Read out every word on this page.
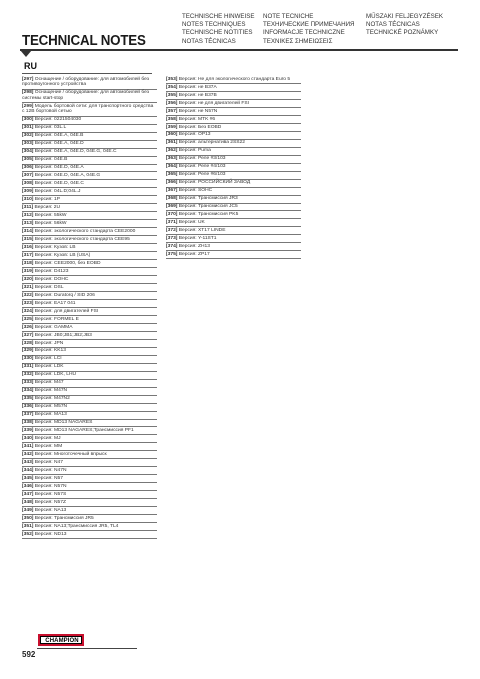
TECHNICAL NOTES
TECHNISCHE HINWEISE
NOTES TECHNIQUES
TECHNISCHE NOTITIES
NOTAS TÉCNICAS
NOTE TECNICHE
ТЕХНИЧЕСКИЕ ПРИМЕЧАНИЯ
INFORMACJE TECHNICZNE
ΤΕΧΝΙΚΕΣ ΣΗΜΕΙΩΣΕΙΣ
MŰSZAKI FELJEGYZÉSEK
NOTAS TÉCNICAS
TECHNICKÉ POZNÁMKY
RU
[297] Оснащение / оборудование: для автомобилей без противоугонного устройства
[298] Оснащение / оборудование: для автомобилей без системы start-stop
[299] Модель бортовой сети: для транспортного средства с 12В бортовой сетью
[300] Версия: 0221504030
[301] Версия: 03L.L
[302] Версия: 04E.A, 04E.B
[303] Версия: 04E.A, 04E.D
[304] Версия: 04E.A, 04E.D, 04E.G, 04E.C
[305] Версия: 04E.B
[306] Версия: 04E.D, 04E.A
[307] Версия: 04E.D, 04E.A, 04E.G
[308] Версия: 04E.D, 04E.C
[309] Версия: 04L.D;04L.J
[310] Версия: 1P
[311] Версия: 2U
[312] Версия: 55kW
[313] Версия: 56kW
[314] Версия: экологического стандарта CEE2000
[315] Версия: экологического стандарта CEE95
[316] Версия: Кузов: LB
[317] Версия: Кузов: LB (USA)
[318] Версия: CEE2000, без EOBD
[319] Версия: D4123
[320] Версия: DOHC
[321] Версия: DSL
[322] Версия: Duratorq / SID 206
[323] Версия: EA17 041
[324] Версия: для двигателей FSI
[325] Версия: FORMEL E
[326] Версия: GAMMA
[327] Версия: JB0;JB1;JB2;JB3
[328] Версия: JPN
[329] Версия: KK13
[330] Версия: LCI
[331] Версия: LDK
[332] Версия: LDK, LHU
[333] Версия: M47
[334] Версия: M47N
[335] Версия: M47N2
[336] Версия: M57N
[337] Версия: MA13
[338] Версия: MD13 NAGARES
[339] Версия: MD13 NAGARES;Трансмиссия PF1
[340] Версия: MJ
[341] Версия: MM
[342] Версия: Многоточечный впрыск
[343] Версия: N47
[344] Версия: N47N
[345] Версия: N57
[346] Версия: N57N
[347] Версия: N57S
[348] Версия: N57Z
[349] Версия: NA13
[350] Версия: Трансмиссия JR5
[351] Версия: NA13;Трансмиссия JR5, TL4
[352] Версия: ND13
[353] Версия: Не для экологического стандарта Euro 5
[354] Версия: не B37A
[355] Версия: не B37B
[356] Версия: не для двигателей FSI
[357] Версия: не N57N
[358] Версия: MTK #6
[359] Версия: Без EOBD
[360] Версия: OP13
[361] Версия: альтернатива 2SS22
[362] Версия: Puma
[363] Версия: Реле #3/103
[364] Версия: Реле #4/103
[365] Версия: Реле #6/103
[366] Версия: РОССИЙСКИЙ ЗАВОД
[367] Версия: SOHC
[368] Версия: Трансмиссия JR3
[369] Версия: Трансмиссия JC5
[370] Версия: Трансмиссия PK5
[371] Версия: UK
[372] Версия: XT17 LINDE
[373] Версия: Y-11ST1
[374] Версия: ZH13
[375] Версия: ZP17
CHAMPION
592
